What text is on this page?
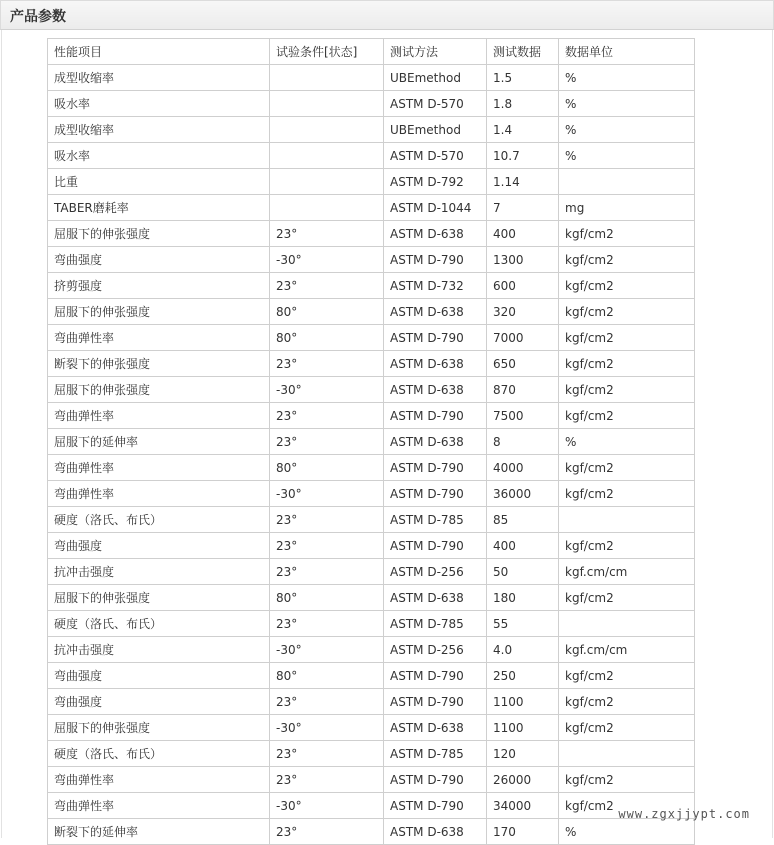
产品参数
性能项目	试验条件[状态]	测试方法	测试数据	数据单位
成型收缩率		UBEmethod	1.5	%
吸水率		ASTM D-570	1.8	%
成型收缩率		UBEmethod	1.4	%
吸水率		ASTM D-570	10.7	%
比重		ASTM D-792	1.14	
TABER磨耗率		ASTM D-1044	7	mg
屈服下的伸张强度	23°	ASTM D-638	400	kgf/cm2
弯曲强度	-30°	ASTM D-790	1300	kgf/cm2
挤剪强度	23°	ASTM D-732	600	kgf/cm2
屈服下的伸张强度	80°	ASTM D-638	320	kgf/cm2
弯曲弹性率	80°	ASTM D-790	7000	kgf/cm2
断裂下的伸张强度	23°	ASTM D-638	650	kgf/cm2
屈服下的伸张强度	-30°	ASTM D-638	870	kgf/cm2
弯曲弹性率	23°	ASTM D-790	7500	kgf/cm2
屈服下的延伸率	23°	ASTM D-638	8	%
弯曲弹性率	80°	ASTM D-790	4000	kgf/cm2
弯曲弹性率	-30°	ASTM D-790	36000	kgf/cm2
硬度（洛氏、布氏）	23°	ASTM D-785	85	
弯曲强度	23°	ASTM D-790	400	kgf/cm2
抗冲击强度	23°	ASTM D-256	50	kgf.cm/cm
屈服下的伸张强度	80°	ASTM D-638	180	kgf/cm2
硬度（洛氏、布氏）	23°	ASTM D-785	55	
抗冲击强度	-30°	ASTM D-256	4.0	kgf.cm/cm
弯曲强度	80°	ASTM D-790	250	kgf/cm2
弯曲强度	23°	ASTM D-790	1100	kgf/cm2
屈服下的伸张强度	-30°	ASTM D-638	1100	kgf/cm2
硬度（洛氏、布氏）	23°	ASTM D-785	120	
弯曲弹性率	23°	ASTM D-790	26000	kgf/cm2
弯曲弹性率	-30°	ASTM D-790	34000	kgf/cm2
断裂下的延伸率	23°	ASTM D-638	170	%
www.zgxjjypt.com
